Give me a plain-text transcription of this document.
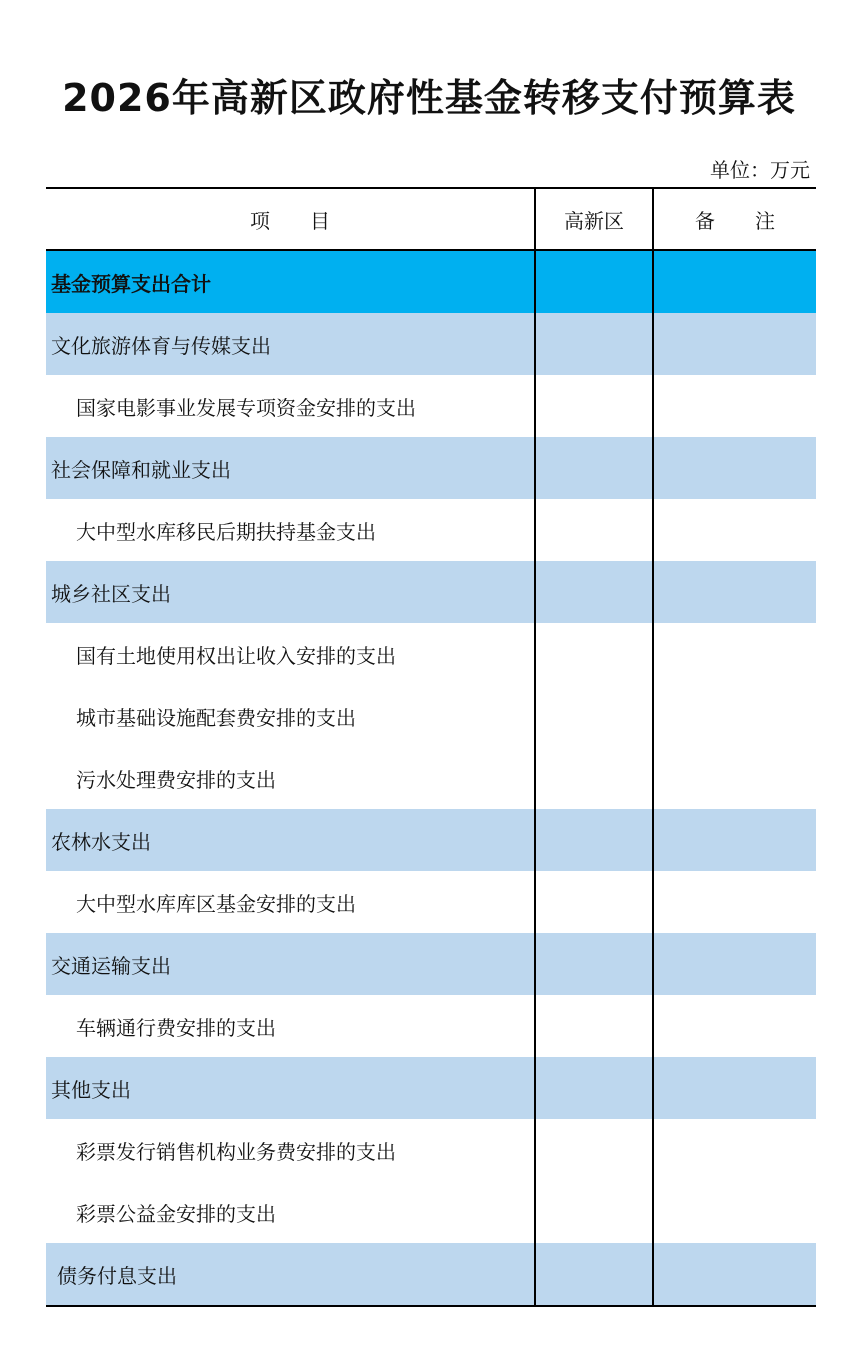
2026年高新区政府性基金转移支付预算表
单位：万元
项　　目	高新区	备　　注
基金预算支出合计		
文化旅游体育与传媒支出		
国家电影事业发展专项资金安排的支出		
社会保障和就业支出		
大中型水库移民后期扶持基金支出		
城乡社区支出		
国有土地使用权出让收入安排的支出		
城市基础设施配套费安排的支出		
污水处理费安排的支出		
农林水支出		
大中型水库库区基金安排的支出		
交通运输支出		
车辆通行费安排的支出		
其他支出		
彩票发行销售机构业务费安排的支出		
彩票公益金安排的支出		
债务付息支出		
